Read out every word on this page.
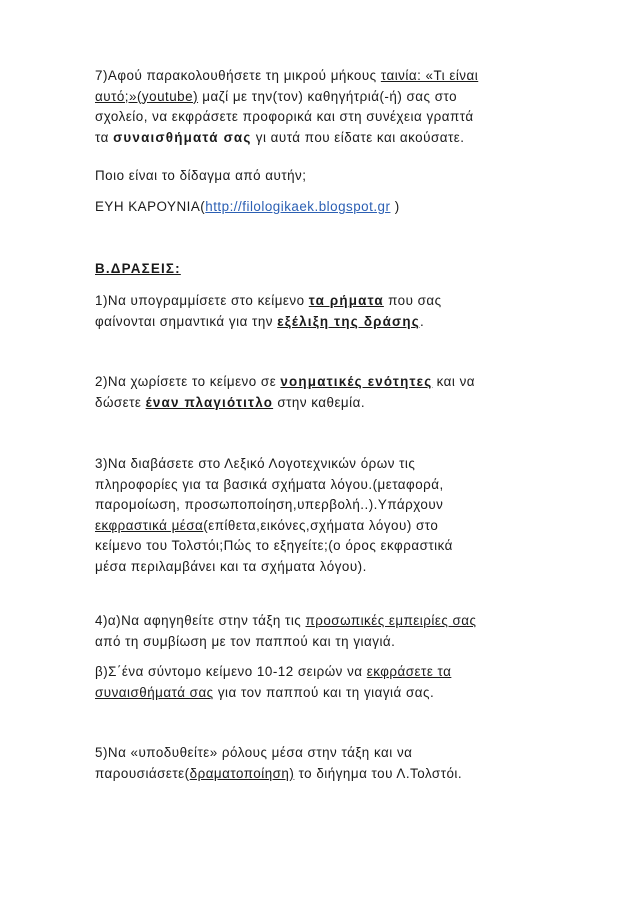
7)Αφού παρακολουθήσετε τη μικρού μήκους ταινία: «Τι είναι
αυτό;»(youtube) μαζί με την(τον) καθηγήτριά(-ή) σας στο
σχολείο, να εκφράσετε προφορικά και στη συνέχεια γραπτά
τα συναισθήματά σας γι αυτά που είδατε και ακούσατε.
Ποιο είναι το δίδαγμα από αυτήν;
ΕΥΗ ΚΑΡΟΥΝΙΑ(http://filologikaek.blogspot.gr )
Β.ΔΡΑΣΕΙΣ:
1)Να υπογραμμίσετε στο κείμενο τα ρήματα που σας
φαίνονται σημαντικά για την εξέλιξη της δράσης.
2)Να χωρίσετε το κείμενο σε νοηματικές ενότητες και να
δώσετε έναν πλαγιότιτλο στην καθεμία.
3)Να διαβάσετε στο Λεξικό Λογοτεχνικών όρων τις
πληροφορίες για τα βασικά σχήματα λόγου.(μεταφορά,
παρομοίωση, προσωποποίηση,υπερβολή..).Υπάρχουν
εκφραστικά μέσα(επίθετα,εικόνες,σχήματα λόγου) στο
κείμενο του Τολστόι;Πώς το εξηγείτε;(ο όρος εκφραστικά
μέσα περιλαμβάνει και τα σχήματα λόγου).
4)α)Να αφηγηθείτε στην τάξη τις προσωπικές εμπειρίες σας
από τη συμβίωση με τον παππού και τη γιαγιά.
β)Σ΄ένα σύντομο κείμενο 10-12 σειρών να εκφράσετε τα
συναισθήματά σας για τον παππού και τη γιαγιά σας.
5)Να «υποδυθείτε» ρόλους μέσα στην τάξη και να
παρουσιάσετε(δραματοποίηση) το διήγημα του Λ.Τολστόι.
